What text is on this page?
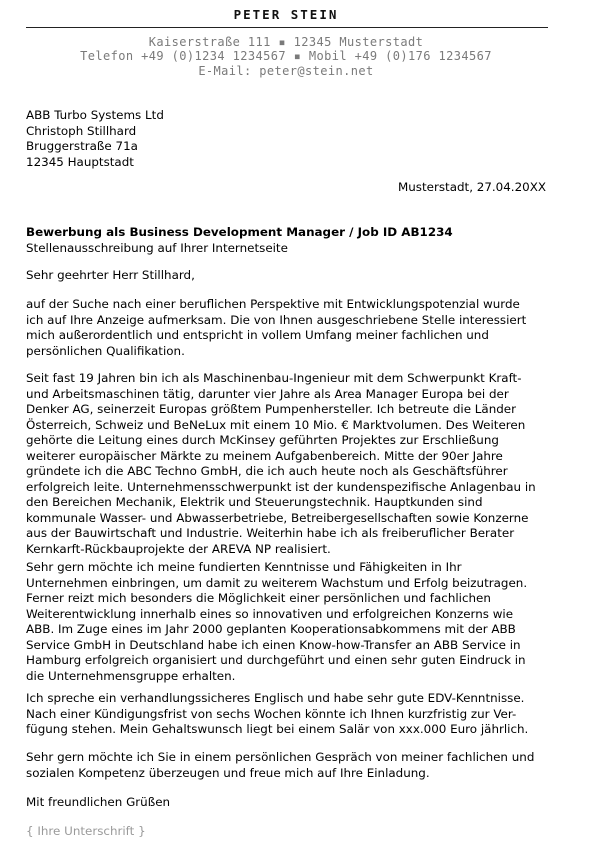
PETER STEIN
Kaiserstraße 111 ▪ 12345 Musterstadt
Telefon +49 (0)1234 1234567 ▪ Mobil +49 (0)176 1234567
E-Mail: peter@stein.net
ABB Turbo Systems Ltd
Christoph Stillhard
Bruggerstraße 71a
12345 Hauptstadt
Musterstadt, 27.04.20XX
Bewerbung als Business Development Manager / Job ID AB1234
Stellenausschreibung auf Ihrer Internetseite
Sehr geehrter Herr Stillhard,
auf der Suche nach einer beruflichen Perspektive mit Entwicklungspotenzial wurde
ich auf Ihre Anzeige aufmerksam. Die von Ihnen ausgeschriebene Stelle interessiert
mich außerordentlich und entspricht in vollem Umfang meiner fachlichen und
persönlichen Qualifikation.
Seit fast 19 Jahren bin ich als Maschinenbau-Ingenieur mit dem Schwerpunkt Kraft-
und Arbeitsmaschinen tätig, darunter vier Jahre als Area Manager Europa bei der
Denker AG, seinerzeit Europas größtem Pumpenhersteller. Ich betreute die Länder
Österreich, Schweiz und BeNeLux mit einem 10 Mio. € Marktvolumen. Des Weiteren
gehörte die Leitung eines durch McKinsey geführten Projektes zur Erschließung
weiterer europäischer Märkte zu meinem Aufgabenbereich. Mitte der 90er Jahre
gründete ich die ABC Techno GmbH, die ich auch heute noch als Geschäftsführer
erfolgreich leite. Unternehmensschwerpunkt ist der kundenspezifische Anlagenbau in
den Bereichen Mechanik, Elektrik und Steuerungstechnik. Hauptkunden sind
kommunale Wasser- und Abwasserbetriebe, Betreibergesellschaften sowie Konzerne
aus der Bauwirtschaft und Industrie. Weiterhin habe ich als freiberuflicher Berater
Kernkarft-Rückbauprojekte der AREVA NP realisiert.
Sehr gern möchte ich meine fundierten Kenntnisse und Fähigkeiten in Ihr
Unternehmen einbringen, um damit zu weiterem Wachstum und Erfolg beizutragen.
Ferner reizt mich besonders die Möglichkeit einer persönlichen und fachlichen
Weiterentwicklung innerhalb eines so innovativen und erfolgreichen Konzerns wie
ABB. Im Zuge eines im Jahr 2000 geplanten Kooperationsabkommens mit der ABB
Service GmbH in Deutschland habe ich einen Know-how-Transfer an ABB Service in
Hamburg erfolgreich organisiert und durchgeführt und einen sehr guten Eindruck in
die Unternehmensgruppe erhalten.
Ich spreche ein verhandlungssicheres Englisch und habe sehr gute EDV-Kenntnisse.
Nach einer Kündigungsfrist von sechs Wochen könnte ich Ihnen kurzfristig zur Ver-
fügung stehen. Mein Gehaltswunsch liegt bei einem Salär von xxx.000 Euro jährlich.
Sehr gern möchte ich Sie in einem persönlichen Gespräch von meiner fachlichen und
sozialen Kompetenz überzeugen und freue mich auf Ihre Einladung.
Mit freundlichen Grüßen
{ Ihre Unterschrift }
